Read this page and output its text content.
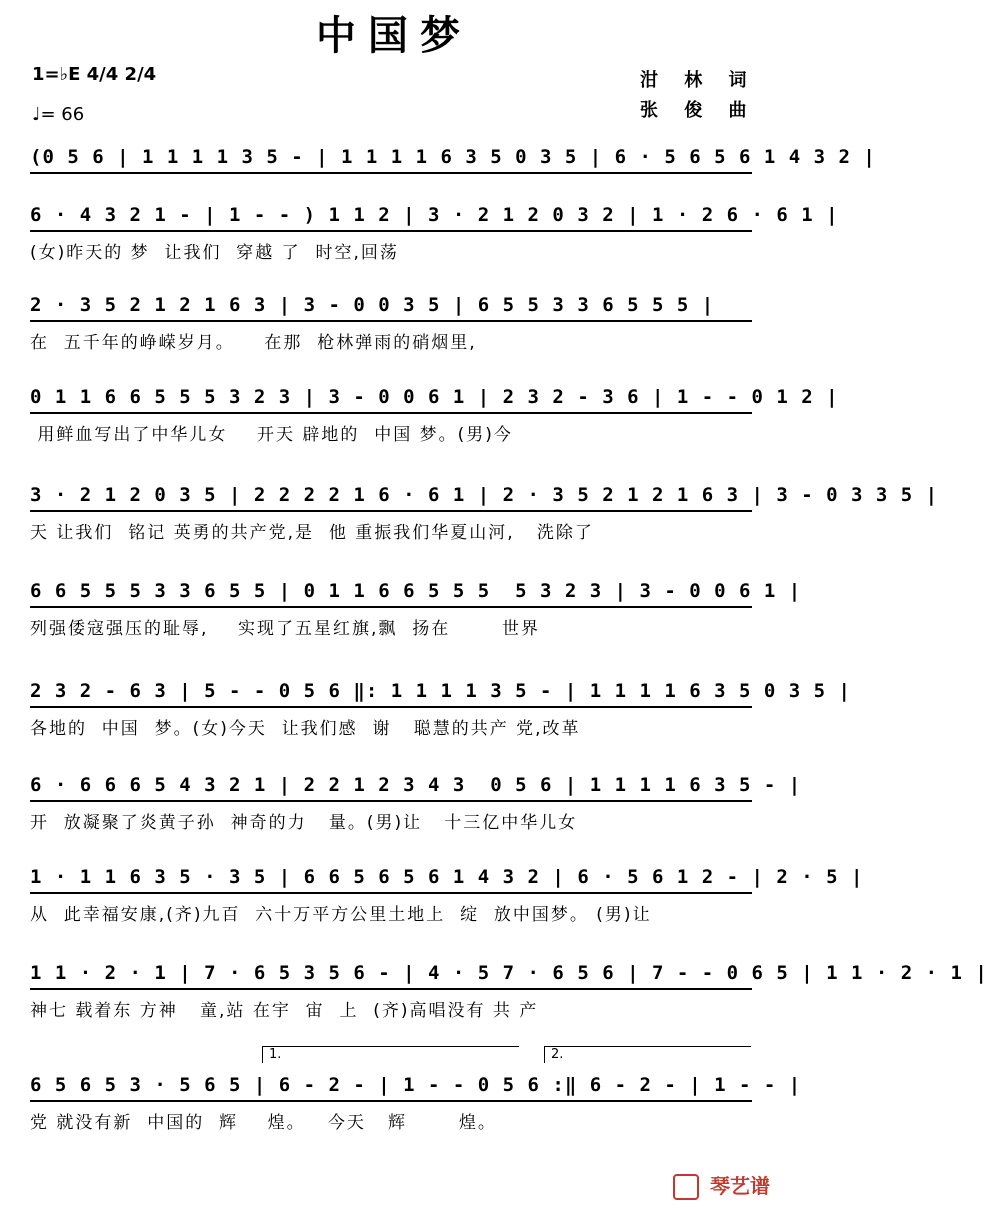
中国梦
1=♭E 4/4 2/4
♩= 66
泔 林 词
张 俊 曲
(0 5 6 | 1 1 1 1 3 5 - | 1 1 1 1 6 3 5 0 3 5 | 6 · 5 6 5 6 1 4 3 2 |
6 · 4 3 2 1 - | 1 - - ) 1 1 2 | 3 · 2 1 2 0 3 2 | 1 · 2 6 · 6 1 |
(女)昨天的 梦  让我们  穿越 了  时空,回荡
2 · 3 5 2 1 2 1 6 3 | 3 - 0 0 3 5 | 6 5 5 3 3 6 5 5 5 |
在  五千年的峥嵘岁月。    在那  枪林弹雨的硝烟里,
0 1 1 6 6 5 5 5 3 2 3 | 3 - 0 0 6 1 | 2 3 2 - 3 6 | 1 - - 0 1 2 |
用鲜血写出了中华儿女    开天 辟地的  中国 梦。(男)今
3 · 2 1 2 0 3 5 | 2 2 2 2 1 6 · 6 1 | 2 · 3 5 2 1 2 1 6 3 | 3 - 0 3 3 5 |
天 让我们  铭记 英勇的共产党,是  他 重振我们华夏山河,   洗除了
6 6 5 5 5 3 3 6 5 5 | 0 1 1 6 6 5 5 5  5 3 2 3 | 3 - 0 0 6 1 |
列强倭寇强压的耻辱,    实现了五星红旗,飘  扬在       世界
2 3 2 - 6 3 | 5 - - 0 5 6 ‖: 1 1 1 1 3 5 - | 1 1 1 1 6 3 5 0 3 5 |
各地的  中国  梦。(女)今天  让我们感  谢   聪慧的共产 党,改革
6 · 6 6 6 5 4 3 2 1 | 2 2 1 2 3 4 3  0 5 6 | 1 1 1 1 6 3 5 - |
开  放凝聚了炎黄子孙  神奇的力   量。(男)让   十三亿中华儿女
1 · 1 1 6 3 5 · 3 5 | 6 6 5 6 5 6 1 4 3 2 | 6 · 5 6 1 2 - | 2 · 5 |
从  此幸福安康,(齐)九百  六十万平方公里土地上  绽  放中国梦。 (男)让
1 1 · 2 · 1 | 7 · 6 5 3 5 6 - | 4 · 5 7 · 6 5 6 | 7 - - 0 6 5 | 1 1 · 2 · 1 |
神七 载着东 方神   童,站 在宇  宙  上  (齐)高唱没有 共 产
1.	2.
6 5 6 5 3 · 5 6 5 | 6 - 2 - | 1 - - 0 5 6 :‖ 6 - 2 - | 1 - - |
党 就没有新  中国的  辉    煌。   今天   辉       煌。
琴艺谱
